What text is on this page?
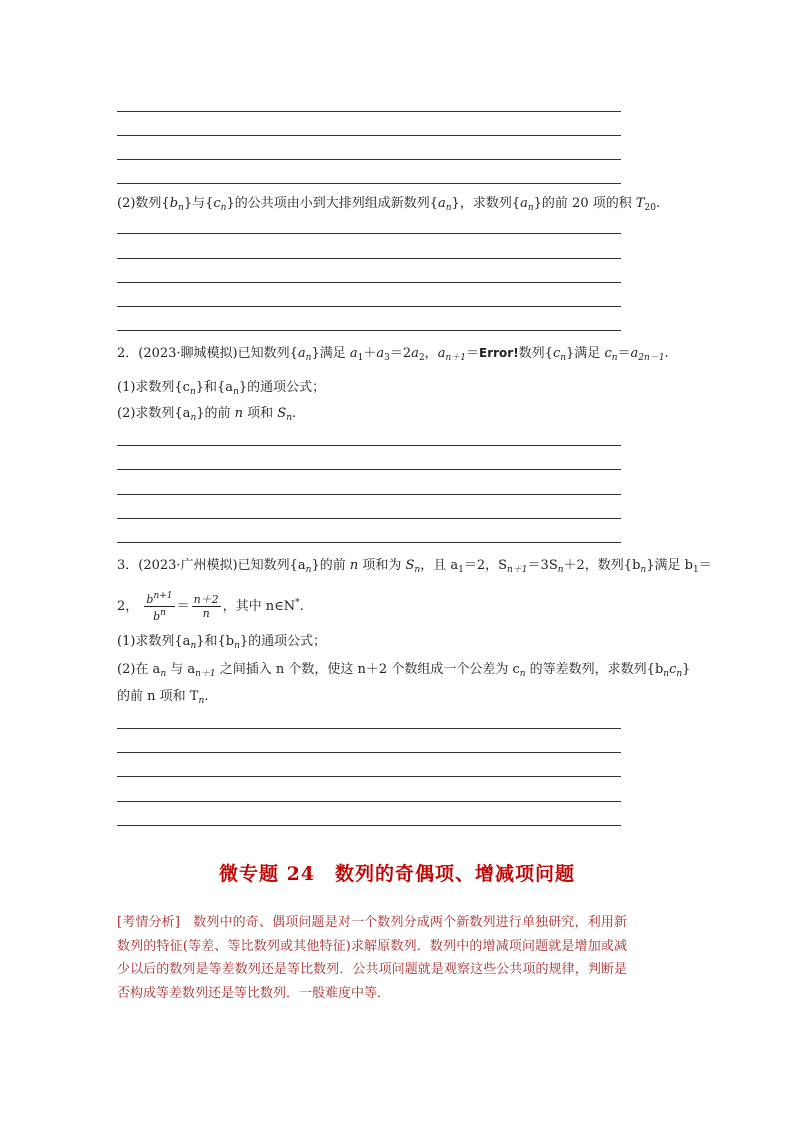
(2)数列$\{b_n\}$与$\{c_n\}$的公共项由小到大排列组成新数列$\{a_n\}$，求数列$\{a_n\}$的前 20 项的积 $T_{20}$.
2．(2023·聊城模拟)已知数列$\{a_n\}$满足 $a_1+a_3=2a_2$，$a_{n+1}=Error$!数列$\{c_n\}$满足 $c_n=a_{2n-1}$.
(1)求数列$\{c_n\}$和$\{a_n\}$的通项公式；
(2)求数列$\{a_n\}$的前 n 项和 $S_n$.
3．(2023·广州模拟)已知数列$\{a_n\}$的前 n 项和为 $S_n$，且 $a_1=2$，$S_{n+1}=3S_n+2$，数列$\{b_n\}$满足 $b_1=$
2， $\frac{b^{n+1}}{b^n} = \frac{n+2}{n}$ ，其中 n∈N*.
(1)求数列$\{a_n\}$和$\{b_n\}$的通项公式；
(2)在 $a_n$ 与 $a_{n+1}$ 之间插入 n 个数，使这 n＋2 个数组成一个公差为 $c_n$ 的等差数列，求数列$\{b_nc_n\}$
的前 n 项和 $T_n$.
微专题 24　数列的奇偶项、增减项问题
[考情分析]　数列中的奇、偶项问题是对一个数列分成两个新数列进行单独研究，利用新数列的特征(等差、等比数列或其他特征)求解原数列．数列中的增减项问题就是增加或减少以后的数列是等差数列还是等比数列．公共项问题就是观察这些公共项的规律，判断是否构成等差数列还是等比数列．一般难度中等．
